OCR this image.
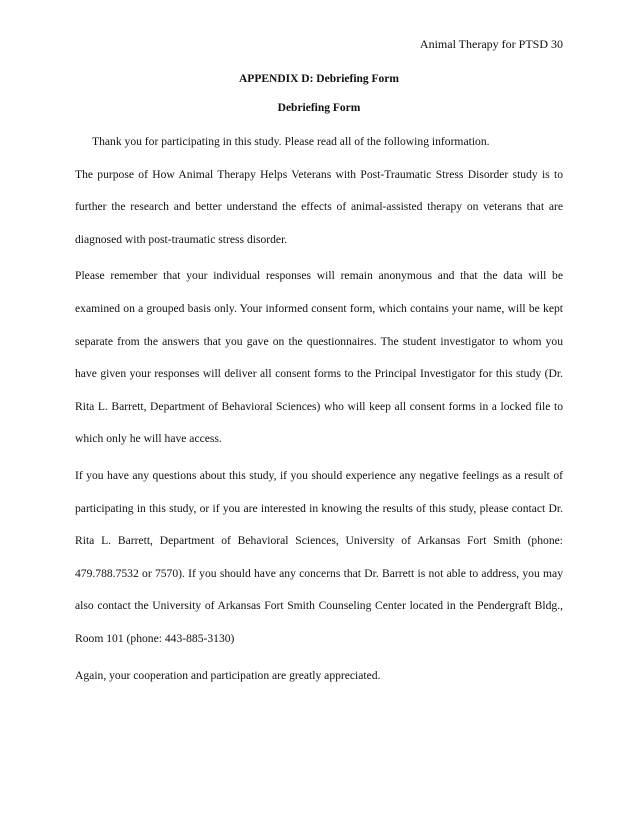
Animal Therapy for PTSD 30
APPENDIX D: Debriefing Form
Debriefing Form

Thank you for participating in this study. Please read all of the following information.

The purpose of How Animal Therapy Helps Veterans with Post-Traumatic Stress Disorder study is to further the research and better understand the effects of animal-assisted therapy on veterans that are diagnosed with post-traumatic stress disorder.

Please remember that your individual responses will remain anonymous and that the data will be examined on a grouped basis only. Your informed consent form, which contains your name, will be kept separate from the answers that you gave on the questionnaires. The student investigator to whom you have given your responses will deliver all consent forms to the Principal Investigator for this study (Dr. Rita L. Barrett, Department of Behavioral Sciences) who will keep all consent forms in a locked file to which only he will have access.

If you have any questions about this study, if you should experience any negative feelings as a result of participating in this study, or if you are interested in knowing the results of this study, please contact Dr. Rita L. Barrett, Department of Behavioral Sciences, University of Arkansas Fort Smith (phone: 479.788.7532 or 7570). If you should have any concerns that Dr. Barrett is not able to address, you may also contact the University of Arkansas Fort Smith Counseling Center located in the Pendergraft Bldg., Room 101 (phone: 443-885-3130)

Again, your cooperation and participation are greatly appreciated.
